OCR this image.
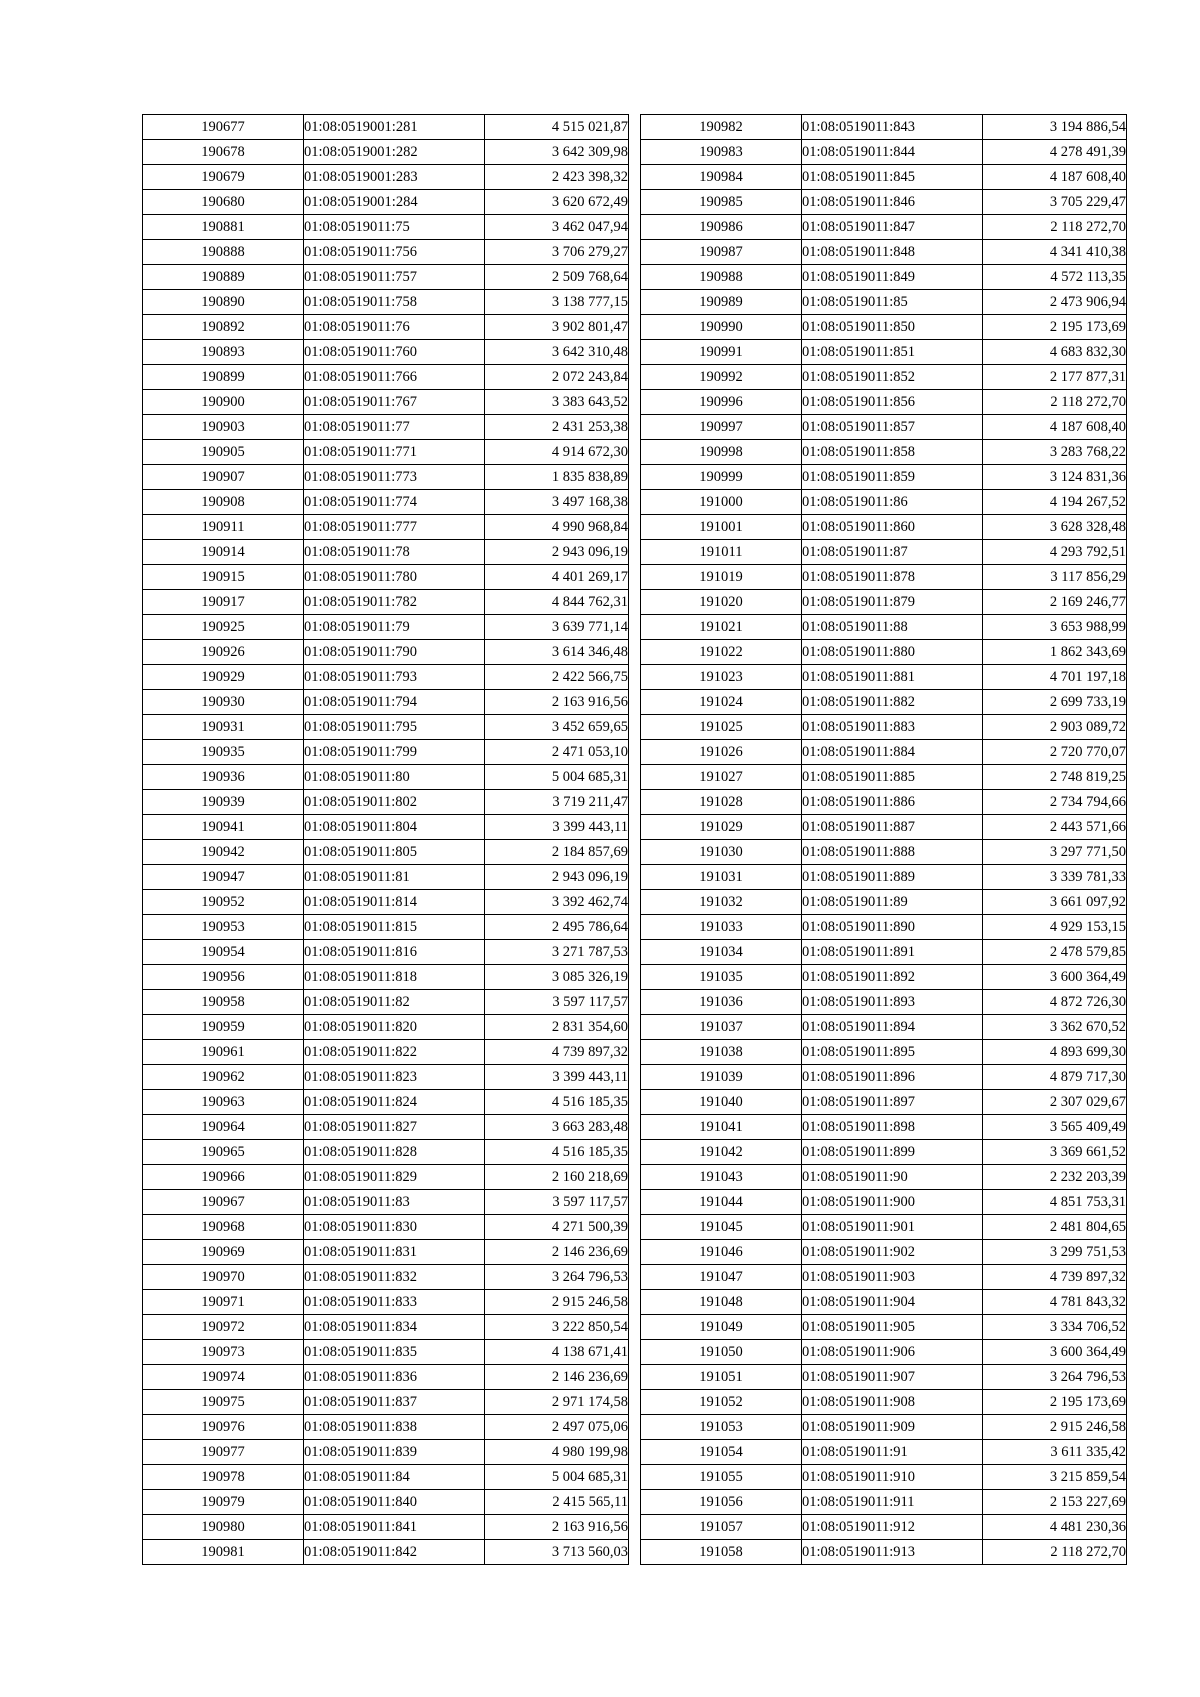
190677	01:08:0519001:281	4 515 021,87
190678	01:08:0519001:282	3 642 309,98
190679	01:08:0519001:283	2 423 398,32
190680	01:08:0519001:284	3 620 672,49
190881	01:08:0519011:75	3 462 047,94
190888	01:08:0519011:756	3 706 279,27
190889	01:08:0519011:757	2 509 768,64
190890	01:08:0519011:758	3 138 777,15
190892	01:08:0519011:76	3 902 801,47
190893	01:08:0519011:760	3 642 310,48
190899	01:08:0519011:766	2 072 243,84
190900	01:08:0519011:767	3 383 643,52
190903	01:08:0519011:77	2 431 253,38
190905	01:08:0519011:771	4 914 672,30
190907	01:08:0519011:773	1 835 838,89
190908	01:08:0519011:774	3 497 168,38
190911	01:08:0519011:777	4 990 968,84
190914	01:08:0519011:78	2 943 096,19
190915	01:08:0519011:780	4 401 269,17
190917	01:08:0519011:782	4 844 762,31
190925	01:08:0519011:79	3 639 771,14
190926	01:08:0519011:790	3 614 346,48
190929	01:08:0519011:793	2 422 566,75
190930	01:08:0519011:794	2 163 916,56
190931	01:08:0519011:795	3 452 659,65
190935	01:08:0519011:799	2 471 053,10
190936	01:08:0519011:80	5 004 685,31
190939	01:08:0519011:802	3 719 211,47
190941	01:08:0519011:804	3 399 443,11
190942	01:08:0519011:805	2 184 857,69
190947	01:08:0519011:81	2 943 096,19
190952	01:08:0519011:814	3 392 462,74
190953	01:08:0519011:815	2 495 786,64
190954	01:08:0519011:816	3 271 787,53
190956	01:08:0519011:818	3 085 326,19
190958	01:08:0519011:82	3 597 117,57
190959	01:08:0519011:820	2 831 354,60
190961	01:08:0519011:822	4 739 897,32
190962	01:08:0519011:823	3 399 443,11
190963	01:08:0519011:824	4 516 185,35
190964	01:08:0519011:827	3 663 283,48
190965	01:08:0519011:828	4 516 185,35
190966	01:08:0519011:829	2 160 218,69
190967	01:08:0519011:83	3 597 117,57
190968	01:08:0519011:830	4 271 500,39
190969	01:08:0519011:831	2 146 236,69
190970	01:08:0519011:832	3 264 796,53
190971	01:08:0519011:833	2 915 246,58
190972	01:08:0519011:834	3 222 850,54
190973	01:08:0519011:835	4 138 671,41
190974	01:08:0519011:836	2 146 236,69
190975	01:08:0519011:837	2 971 174,58
190976	01:08:0519011:838	2 497 075,06
190977	01:08:0519011:839	4 980 199,98
190978	01:08:0519011:84	5 004 685,31
190979	01:08:0519011:840	2 415 565,11
190980	01:08:0519011:841	2 163 916,56
190981	01:08:0519011:842	3 713 560,03
190982	01:08:0519011:843	3 194 886,54
190983	01:08:0519011:844	4 278 491,39
190984	01:08:0519011:845	4 187 608,40
190985	01:08:0519011:846	3 705 229,47
190986	01:08:0519011:847	2 118 272,70
190987	01:08:0519011:848	4 341 410,38
190988	01:08:0519011:849	4 572 113,35
190989	01:08:0519011:85	2 473 906,94
190990	01:08:0519011:850	2 195 173,69
190991	01:08:0519011:851	4 683 832,30
190992	01:08:0519011:852	2 177 877,31
190996	01:08:0519011:856	2 118 272,70
190997	01:08:0519011:857	4 187 608,40
190998	01:08:0519011:858	3 283 768,22
190999	01:08:0519011:859	3 124 831,36
191000	01:08:0519011:86	4 194 267,52
191001	01:08:0519011:860	3 628 328,48
191011	01:08:0519011:87	4 293 792,51
191019	01:08:0519011:878	3 117 856,29
191020	01:08:0519011:879	2 169 246,77
191021	01:08:0519011:88	3 653 988,99
191022	01:08:0519011:880	1 862 343,69
191023	01:08:0519011:881	4 701 197,18
191024	01:08:0519011:882	2 699 733,19
191025	01:08:0519011:883	2 903 089,72
191026	01:08:0519011:884	2 720 770,07
191027	01:08:0519011:885	2 748 819,25
191028	01:08:0519011:886	2 734 794,66
191029	01:08:0519011:887	2 443 571,66
191030	01:08:0519011:888	3 297 771,50
191031	01:08:0519011:889	3 339 781,33
191032	01:08:0519011:89	3 661 097,92
191033	01:08:0519011:890	4 929 153,15
191034	01:08:0519011:891	2 478 579,85
191035	01:08:0519011:892	3 600 364,49
191036	01:08:0519011:893	4 872 726,30
191037	01:08:0519011:894	3 362 670,52
191038	01:08:0519011:895	4 893 699,30
191039	01:08:0519011:896	4 879 717,30
191040	01:08:0519011:897	2 307 029,67
191041	01:08:0519011:898	3 565 409,49
191042	01:08:0519011:899	3 369 661,52
191043	01:08:0519011:90	2 232 203,39
191044	01:08:0519011:900	4 851 753,31
191045	01:08:0519011:901	2 481 804,65
191046	01:08:0519011:902	3 299 751,53
191047	01:08:0519011:903	4 739 897,32
191048	01:08:0519011:904	4 781 843,32
191049	01:08:0519011:905	3 334 706,52
191050	01:08:0519011:906	3 600 364,49
191051	01:08:0519011:907	3 264 796,53
191052	01:08:0519011:908	2 195 173,69
191053	01:08:0519011:909	2 915 246,58
191054	01:08:0519011:91	3 611 335,42
191055	01:08:0519011:910	3 215 859,54
191056	01:08:0519011:911	2 153 227,69
191057	01:08:0519011:912	4 481 230,36
191058	01:08:0519011:913	2 118 272,70
